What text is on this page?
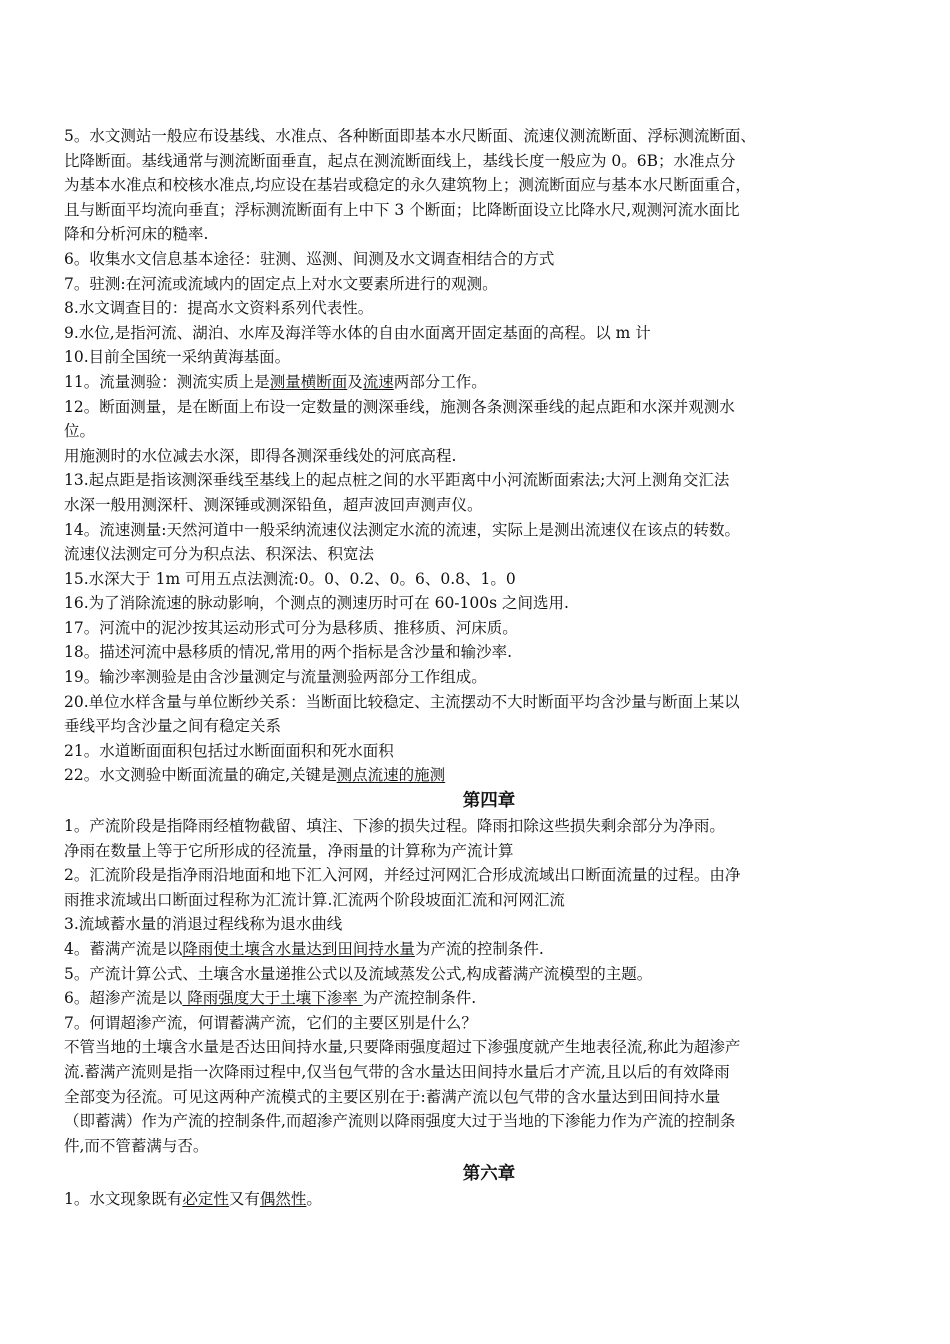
5。水文测站一般应布设基线、水准点、各种断面即基本水尺断面、流速仪测流断面、浮标测流断面、

比降断面。基线通常与测流断面垂直，起点在测流断面线上，基线长度一般应为 0。6B；水准点分

为基本水准点和校核水准点,均应设在基岩或稳定的永久建筑物上；测流断面应与基本水尺断面重合，

且与断面平均流向垂直；浮标测流断面有上中下 3 个断面；比降断面设立比降水尺,观测河流水面比

降和分析河床的糙率.

6。收集水文信息基本途径：驻测、巡测、间测及水文调查相结合的方式

7。驻测:在河流或流域内的固定点上对水文要素所进行的观测。

8.水文调查目的：提高水文资料系列代表性。

9.水位,是指河流、湖泊、水库及海洋等水体的自由水面离开固定基面的高程。以 m 计

10.目前全国统一采纳黄海基面。

11。流量测验：测流实质上是测量横断面及流速两部分工作。

12。断面测量，是在断面上布设一定数量的测深垂线，施测各条测深垂线的起点距和水深并观测水

位。

用施测时的水位减去水深，即得各测深垂线处的河底高程.

13.起点距是指该测深垂线至基线上的起点桩之间的水平距离中小河流断面索法;大河上测角交汇法

水深一般用测深杆、测深锤或测深铅鱼，超声波回声测声仪。

14。流速测量:天然河道中一般采纳流速仪法测定水流的流速，实际上是测出流速仪在该点的转数。

流速仪法测定可分为积点法、积深法、积宽法

15.水深大于 1m 可用五点法测流:0。0、0.2、0。6、0.8、1。0

16.为了消除流速的脉动影响，个测点的测速历时可在 60-100s 之间选用.

17。河流中的泥沙按其运动形式可分为悬移质、推移质、河床质。

18。描述河流中悬移质的情况,常用的两个指标是含沙量和输沙率.

19。输沙率测验是由含沙量测定与流量测验两部分工作组成。

20.单位水样含量与单位断纱关系：当断面比较稳定、主流摆动不大时断面平均含沙量与断面上某以

垂线平均含沙量之间有稳定关系

21。水道断面面积包括过水断面面积和死水面积

22。水文测验中断面流量的确定,关键是测点流速的施测

第四章

1。产流阶段是指降雨经植物截留、填注、下渗的损失过程。降雨扣除这些损失剩余部分为净雨。

净雨在数量上等于它所形成的径流量，净雨量的计算称为产流计算

2。汇流阶段是指净雨沿地面和地下汇入河网，并经过河网汇合形成流域出口断面流量的过程。由净

雨推求流域出口断面过程称为汇流计算.汇流两个阶段坡面汇流和河网汇流

3.流域蓄水量的消退过程线称为退水曲线

4。蓄满产流是以降雨使土壤含水量达到田间持水量为产流的控制条件.

5。产流计算公式、土壤含水量递推公式以及流域蒸发公式,构成蓄满产流模型的主题。

6。超渗产流是以 降雨强度大于土壤下渗率 为产流控制条件.

7。何谓超渗产流，何谓蓄满产流，它们的主要区别是什么？

不管当地的土壤含水量是否达田间持水量,只要降雨强度超过下渗强度就产生地表径流,称此为超渗产

流.蓄满产流则是指一次降雨过程中,仅当包气带的含水量达田间持水量后才产流,且以后的有效降雨

全部变为径流。可见这两种产流模式的主要区别在于:蓄满产流以包气带的含水量达到田间持水量

（即蓄满）作为产流的控制条件,而超渗产流则以降雨强度大过于当地的下渗能力作为产流的控制条

件,而不管蓄满与否。

第六章

1。水文现象既有必定性又有偶然性。
